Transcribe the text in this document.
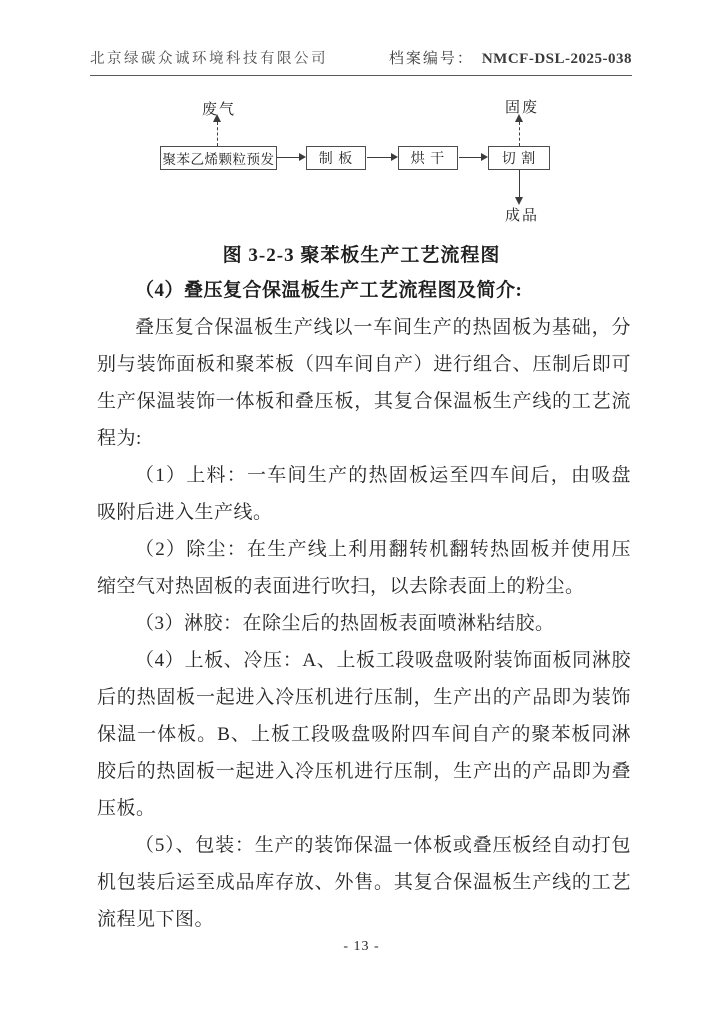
北京绿碳众诚环境科技有限公司	档案编号： NMCF-DSL-2025-038
废气	固废
成品
聚苯乙烯颗粒预发	制 板	烘 干	切 割
图 3-2-3 聚苯板生产工艺流程图
（4）叠压复合保温板生产工艺流程图及简介:

叠压复合保温板生产线以一车间生产的热固板为基础，分别与装饰面板和聚苯板（四车间自产）进行组合、压制后即可生产保温装饰一体板和叠压板，其复合保温板生产线的工艺流程为:

（1）上料：一车间生产的热固板运至四车间后，由吸盘吸附后进入生产线。

（2）除尘：在生产线上利用翻转机翻转热固板并使用压缩空气对热固板的表面进行吹扫，以去除表面上的粉尘。

（3）淋胶：在除尘后的热固板表面喷淋粘结胶。

（4）上板、冷压：A、上板工段吸盘吸附装饰面板同淋胶后的热固板一起进入冷压机进行压制，生产出的产品即为装饰保温一体板。B、上板工段吸盘吸附四车间自产的聚苯板同淋胶后的热固板一起进入冷压机进行压制，生产出的产品即为叠压板。

（5）、包装：生产的装饰保温一体板或叠压板经自动打包机包装后运至成品库存放、外售。其复合保温板生产线的工艺流程见下图。

- 13 -
